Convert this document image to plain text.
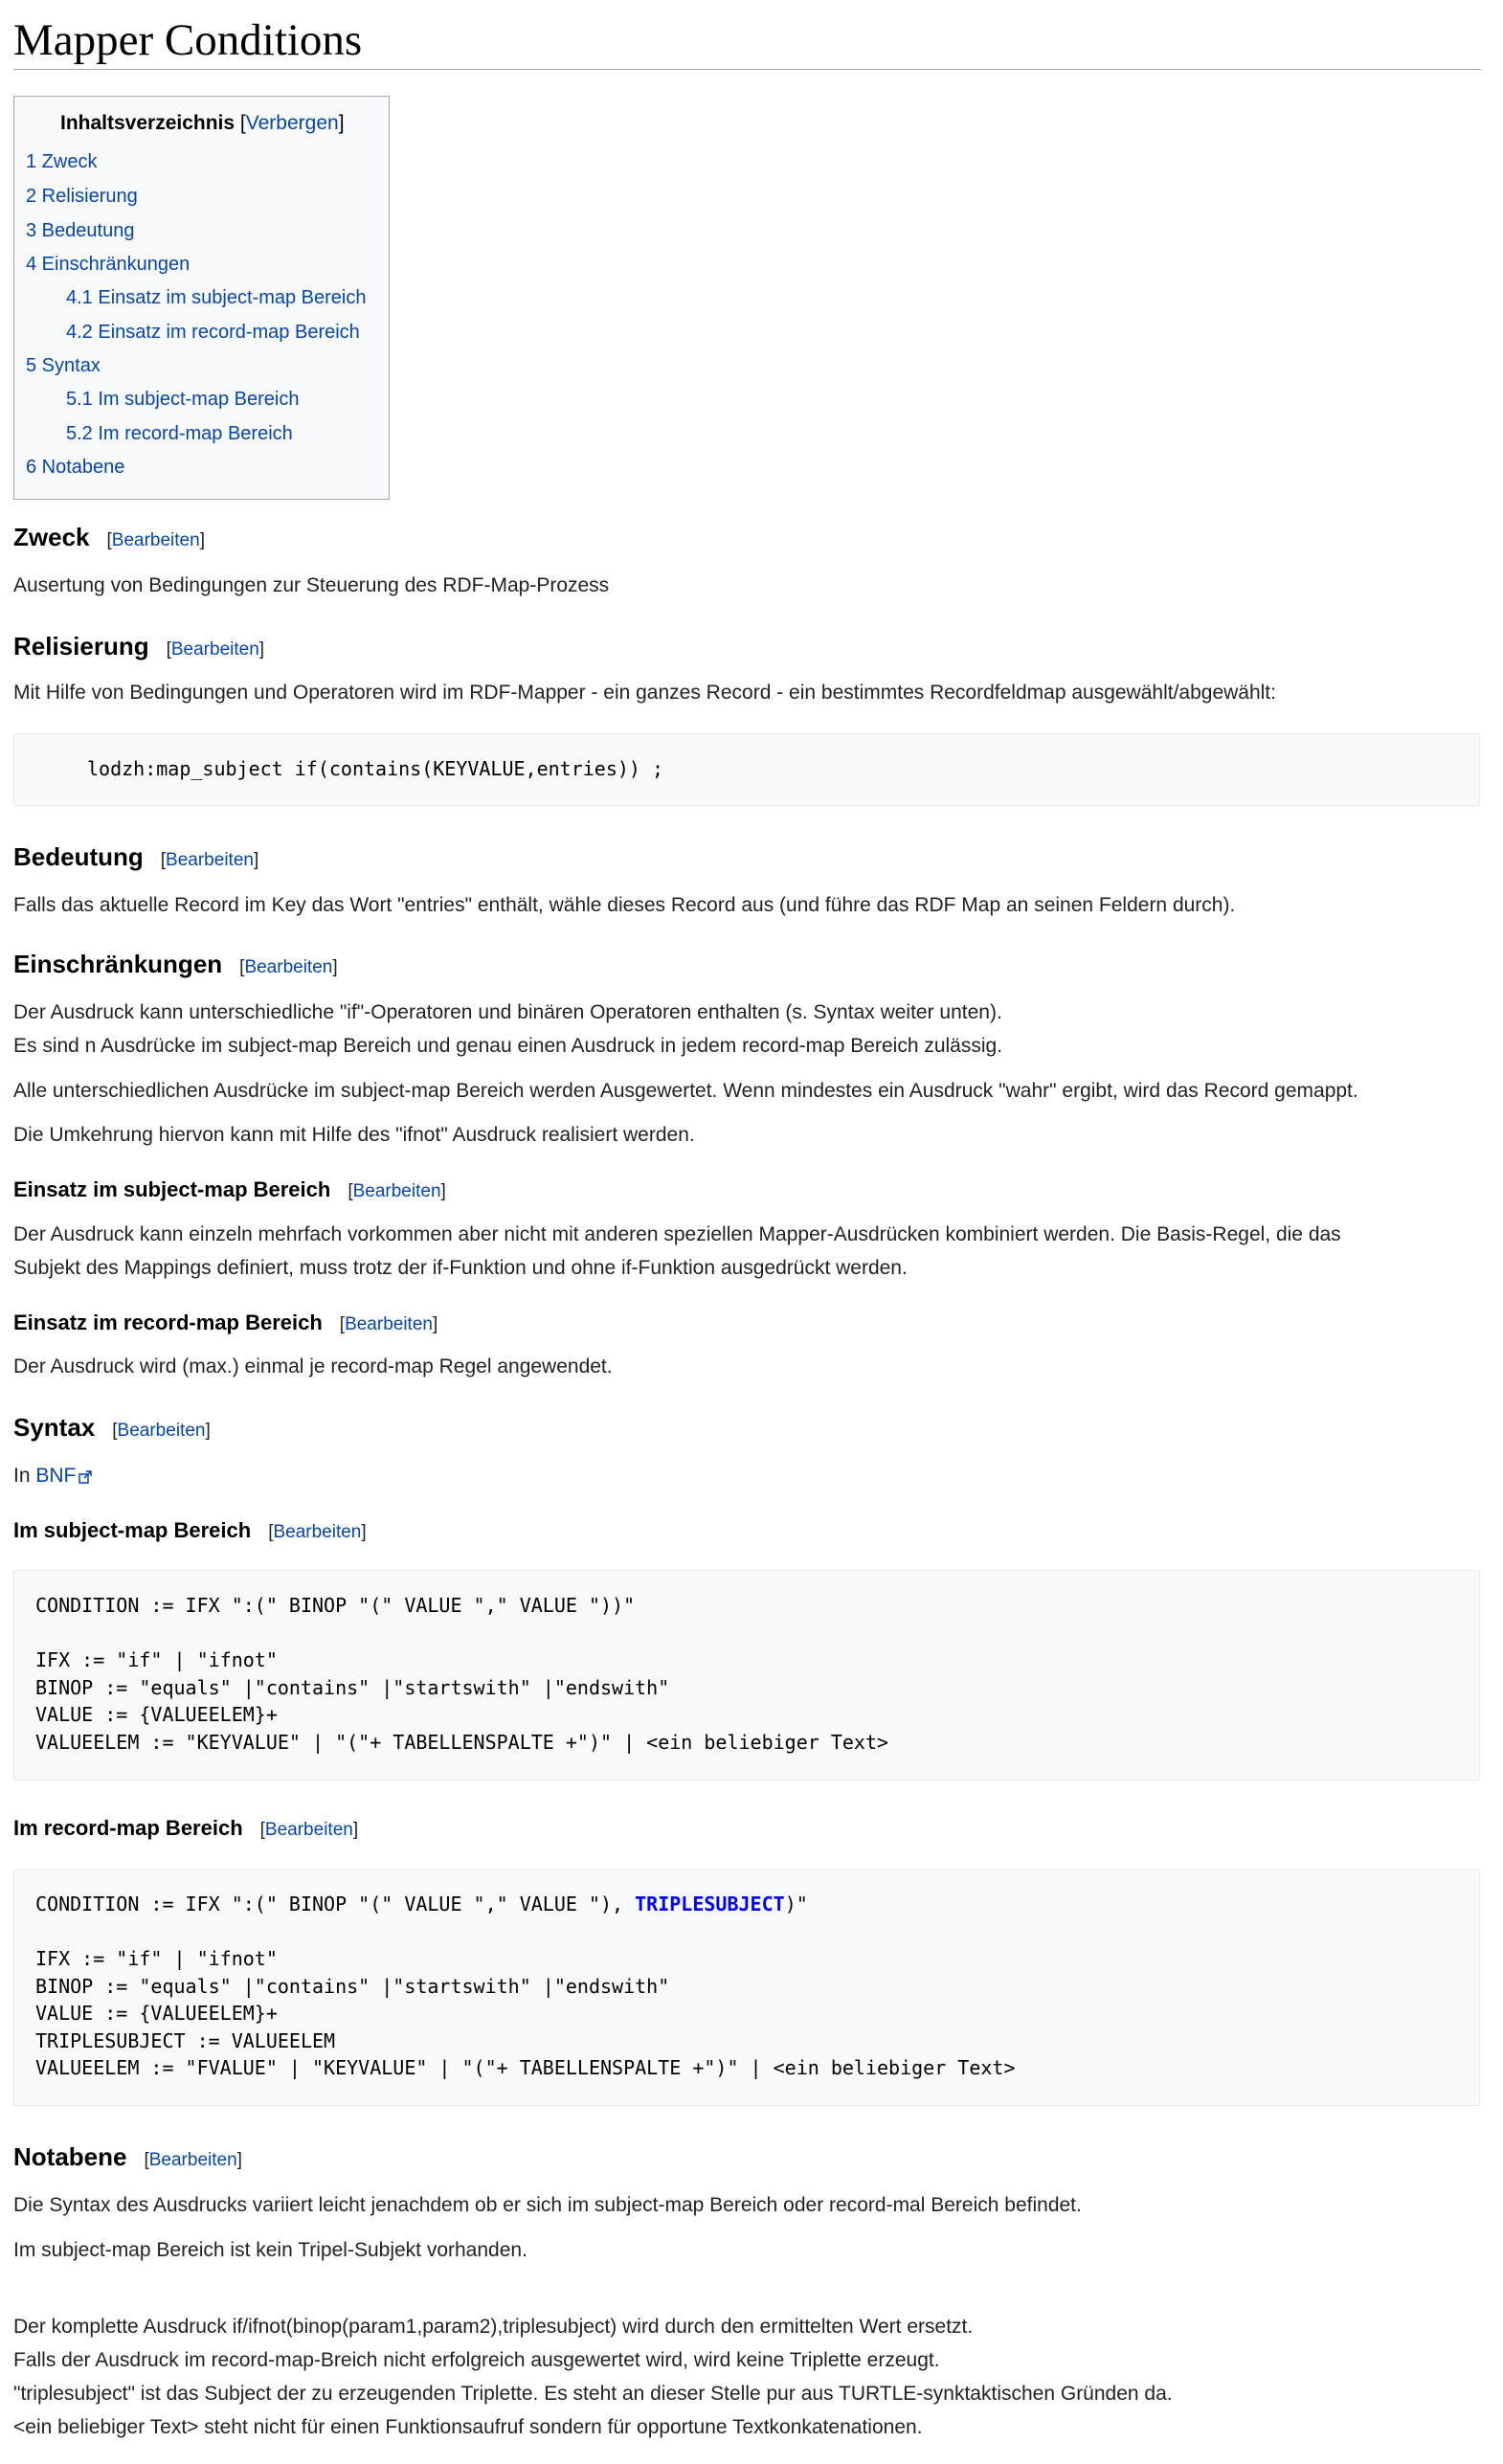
Mapper Conditions
Inhaltsverzeichnis [Verbergen]
1 Zweck
2 Relisierung
3 Bedeutung
4 Einschränkungen
4.1 Einsatz im subject-map Bereich
4.2 Einsatz im record-map Bereich
5 Syntax
5.1 Im subject-map Bereich
5.2 Im record-map Bereich
6 Notabene
Zweck [Bearbeiten]
Ausertung von Bedingungen zur Steuerung des RDF-Map-Prozess
Relisierung [Bearbeiten]
Mit Hilfe von Bedingungen und Operatoren wird im RDF-Mapper - ein ganzes Record - ein bestimmtes Recordfeldmap ausgewählt/abgewählt:
lodzh:map_subject if(contains(KEYVALUE,entries)) ;
Bedeutung [Bearbeiten]
Falls das aktuelle Record im Key das Wort "entries" enthält, wähle dieses Record aus (und führe das RDF Map an seinen Feldern durch).
Einschränkungen [Bearbeiten]
Der Ausdruck kann unterschiedliche "if"-Operatoren und binären Operatoren enthalten (s. Syntax weiter unten).
Es sind n Ausdrücke im subject-map Bereich und genau einen Ausdruck in jedem record-map Bereich zulässig.
Alle unterschiedlichen Ausdrücke im subject-map Bereich werden Ausgewertet. Wenn mindestes ein Ausdruck "wahr" ergibt, wird das Record gemappt.
Die Umkehrung hiervon kann mit Hilfe des "ifnot" Ausdruck realisiert werden.
Einsatz im subject-map Bereich [Bearbeiten]
Der Ausdruck kann einzeln mehrfach vorkommen aber nicht mit anderen speziellen Mapper-Ausdrücken kombiniert werden. Die Basis-Regel, die das
Subjekt des Mappings definiert, muss trotz der if-Funktion und ohne if-Funktion ausgedrückt werden.
Einsatz im record-map Bereich [Bearbeiten]
Der Ausdruck wird (max.) einmal je record-map Regel angewendet.
Syntax [Bearbeiten]
In BNF
Im subject-map Bereich [Bearbeiten]
CONDITION := IFX ":(" BINOP "(" VALUE "," VALUE "))"
IFX := "if" | "ifnot"
BINOP := "equals" |"contains" |"startswith" |"endswith"
VALUE := {VALUEELEM}+
VALUEELEM := "KEYVALUE" | "("+ TABELLENSPALTE +")" | <ein beliebiger Text>
Im record-map Bereich [Bearbeiten]
CONDITION := IFX ":(" BINOP "(" VALUE "," VALUE "), TRIPLESUBJECT)"
IFX := "if" | "ifnot"
BINOP := "equals" |"contains" |"startswith" |"endswith"
VALUE := {VALUEELEM}+
TRIPLESUBJECT := VALUEELEM
VALUEELEM := "FVALUE" | "KEYVALUE" | "("+ TABELLENSPALTE +")" | <ein beliebiger Text>
Notabene [Bearbeiten]
Die Syntax des Ausdrucks variiert leicht jenachdem ob er sich im subject-map Bereich oder record-mal Bereich befindet.
Im subject-map Bereich ist kein Tripel-Subjekt vorhanden.
Der komplette Ausdruck if/ifnot(binop(param1,param2),triplesubject) wird durch den ermittelten Wert ersetzt.
Falls der Ausdruck im record-map-Breich nicht erfolgreich ausgewertet wird, wird keine Triplette erzeugt.
"triplesubject" ist das Subject der zu erzeugenden Triplette. Es steht an dieser Stelle pur aus TURTLE-synktaktischen Gründen da.
<ein beliebiger Text> steht nicht für einen Funktionsaufruf sondern für opportune Textkonkatenationen.
